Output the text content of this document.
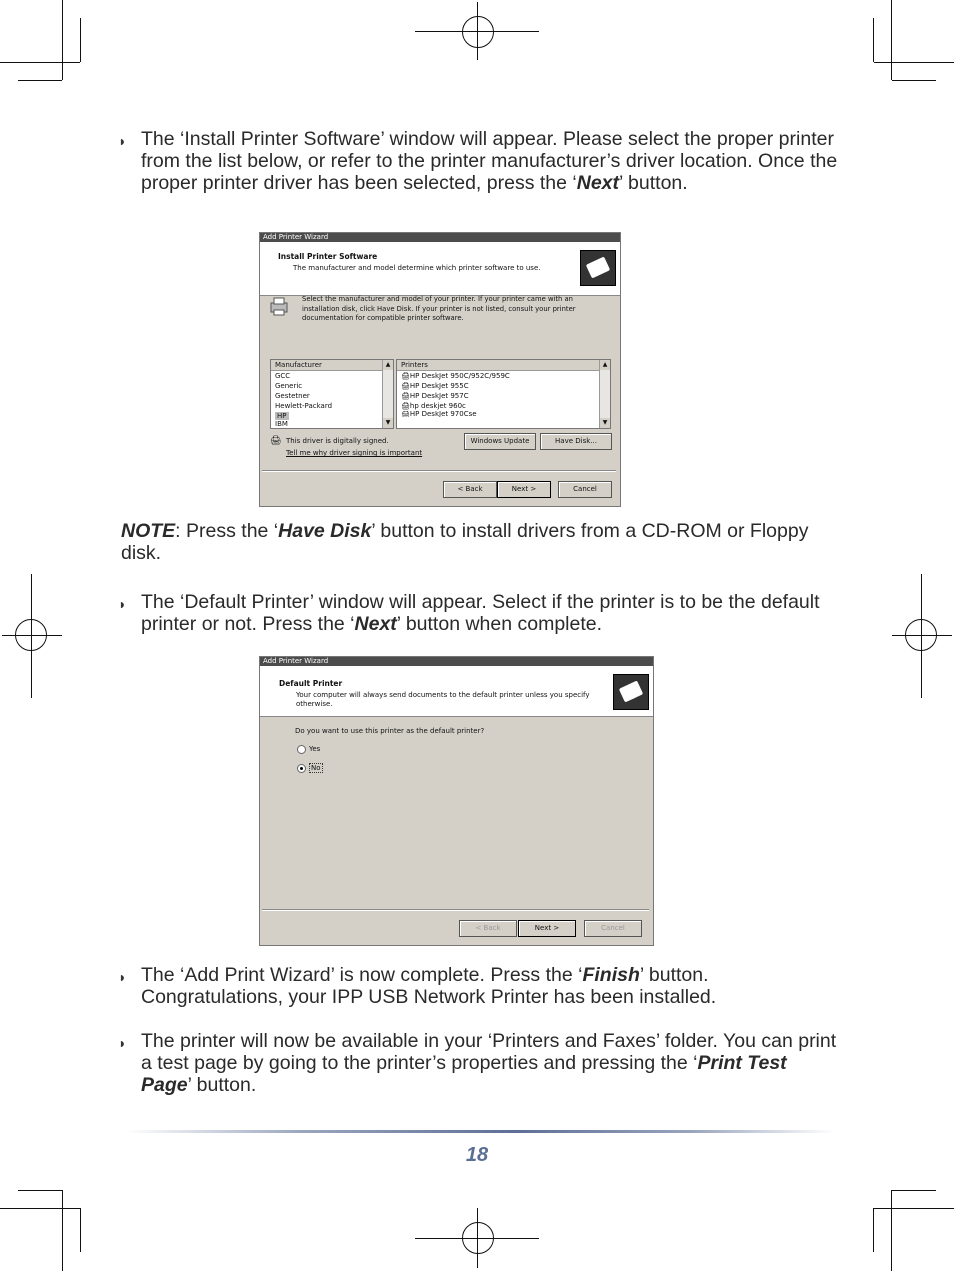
◗ The ‘Install Printer Software’ window will appear. Please select the proper printer from the list below, or refer to the printer manufacturer’s driver location. Once the proper printer driver has been selected, press the ‘Next’ button.

Add Printer Wizard
Install Printer Software
The manufacturer and model determine which printer software to use.
Select the manufacturer and model of your printer. If your printer came with an installation disk, click Have Disk. If your printer is not listed, consult your printer documentation for compatible printer software.
Manufacturer
GCC
Generic
Gestetner
Hewlett-Packard
HP
IBM
▲ ▼
Printers
🖨HP DeskJet 950C/952C/959C
🖨HP DeskJet 955C
🖨HP DeskJet 957C
🖨hp deskjet 960c
🖨HP DeskJet 970Cse
▲ ▼
🖨 This driver is digitally signed.
Tell me why driver signing is important
Windows Update	Have Disk...
< Back	Next >	Cancel

NOTE: Press the ‘Have Disk’ button to install drivers from a CD-ROM or Floppy disk.

◗ The ‘Default Printer’ window will appear. Select if the printer is to be the default printer or not. Press the ‘Next’ button when complete.

Add Printer Wizard
Default Printer
Your computer will always send documents to the default printer unless you specify otherwise.
Do you want to use this printer as the default printer?
Yes
No
< Back	Next >	Cancel
◗ The ‘Add Print Wizard’ is now complete. Press the ‘Finish’ button. Congratulations, your IPP USB Network Printer has been installed.

◗ The printer will now be available in your ‘Printers and Faxes’ folder. You can print a test page by going to the printer’s properties and pressing the ‘Print Test Page’ button.

18
